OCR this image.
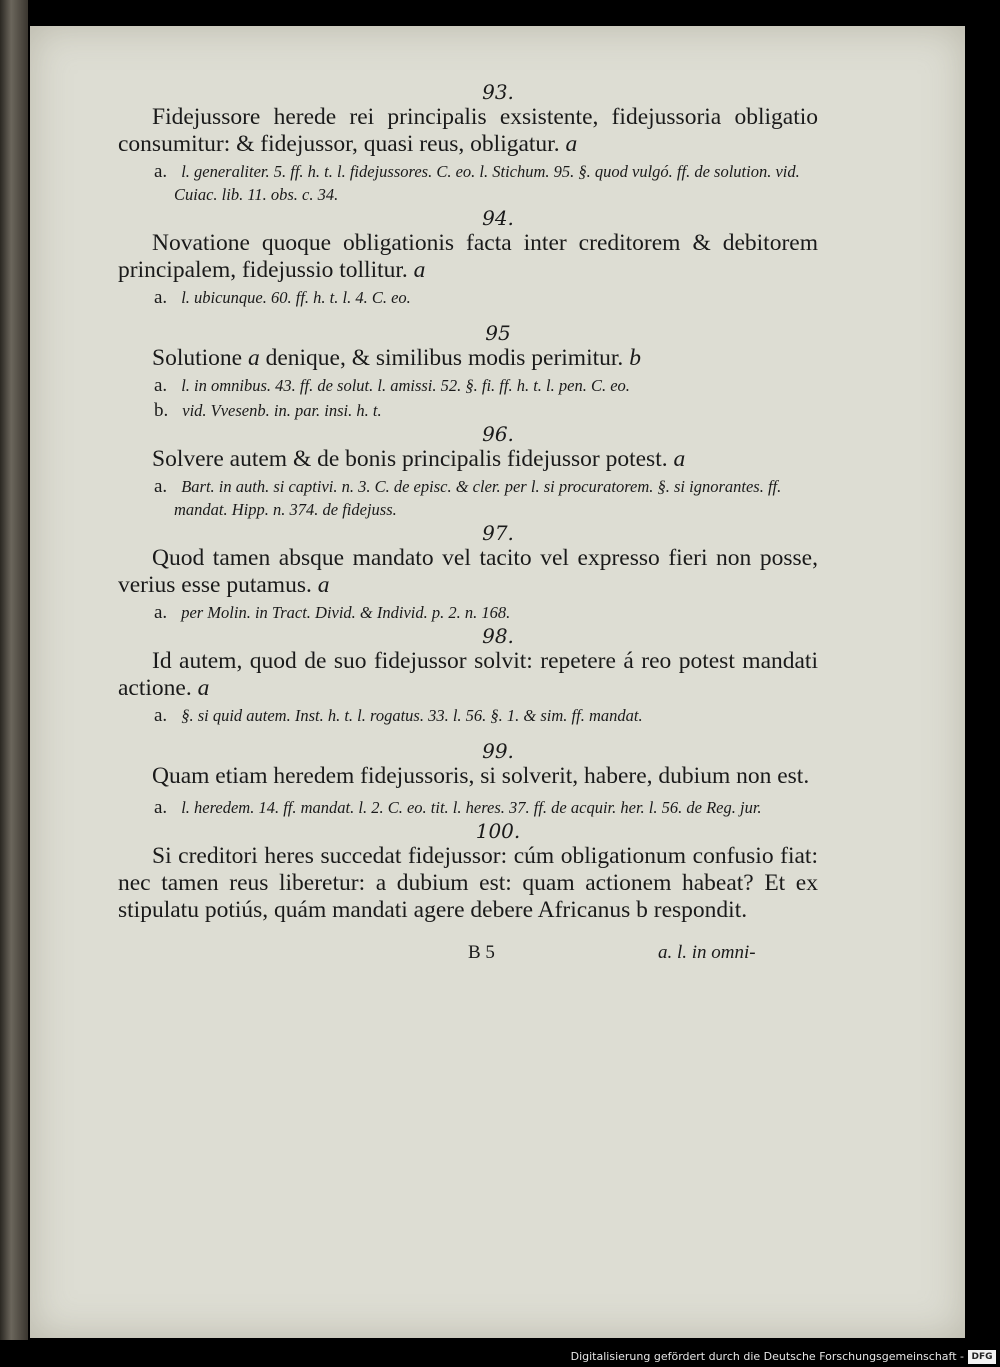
93.
Fidejussore herede rei principalis exsistente, fidejussoria obligatio consumitur: & fidejussor, quasi reus, obligatur. a
a. l. generaliter. 5. ff. h. t. l. fidejussores. C. eo. l. Stichum. 95. §. quod vulgó. ff. de solution. vid. Cuiac. lib. 11. obs. c. 34.
94.
Novatione quoque obligationis facta inter creditorem & debitorem principalem, fidejussio tollitur. a
a. l. ubicunque. 60. ff. h. t. l. 4. C. eo.
95
Solutione a denique, & similibus modis perimitur. b
a. l. in omnibus. 43. ff. de solut. l. amissi. 52. §. fi. ff. h. t. l. pen. C. eo.
b. vid. Vvesenb. in. par. insi. h. t.
96.
Solvere autem & de bonis principalis fidejussor potest. a
a. Bart. in auth. si captivi. n. 3. C. de episc. & cler. per l. si procuratorem. §. si ignorantes. ff. mandat. Hipp. n. 374. de fidejuss.
97.
Quod tamen absque mandato vel tacito vel expresso fieri non posse, verius esse putamus. a
a. per Molin. in Tract. Divid. & Individ. p. 2. n. 168.
98.
Id autem, quod de suo fidejussor solvit: repetere á reo potest mandati actione. a
a. §. si quid autem. Inst. h. t. l. rogatus. 33. l. 56. §. 1. & sim. ff. mandat.
99.
Quam etiam heredem fidejussoris, si solverit, habere, dubium non est.
a. l. heredem. 14. ff. mandat. l. 2. C. eo. tit. l. heres. 37. ff. de acquir. her. l. 56. de Reg. jur.
100.
Si creditori heres succedat fidejussor: cúm obligationum confusio fiat: nec tamen reus liberetur: a dubium est: quam actionem habeat? Et ex stipulatu potiús, quám mandati agere debere Africanus b respondit.
B 5	a. l. in omni-
Digitalisierung gefördert durch die Deutsche Forschungsgemeinschaft - DFG
